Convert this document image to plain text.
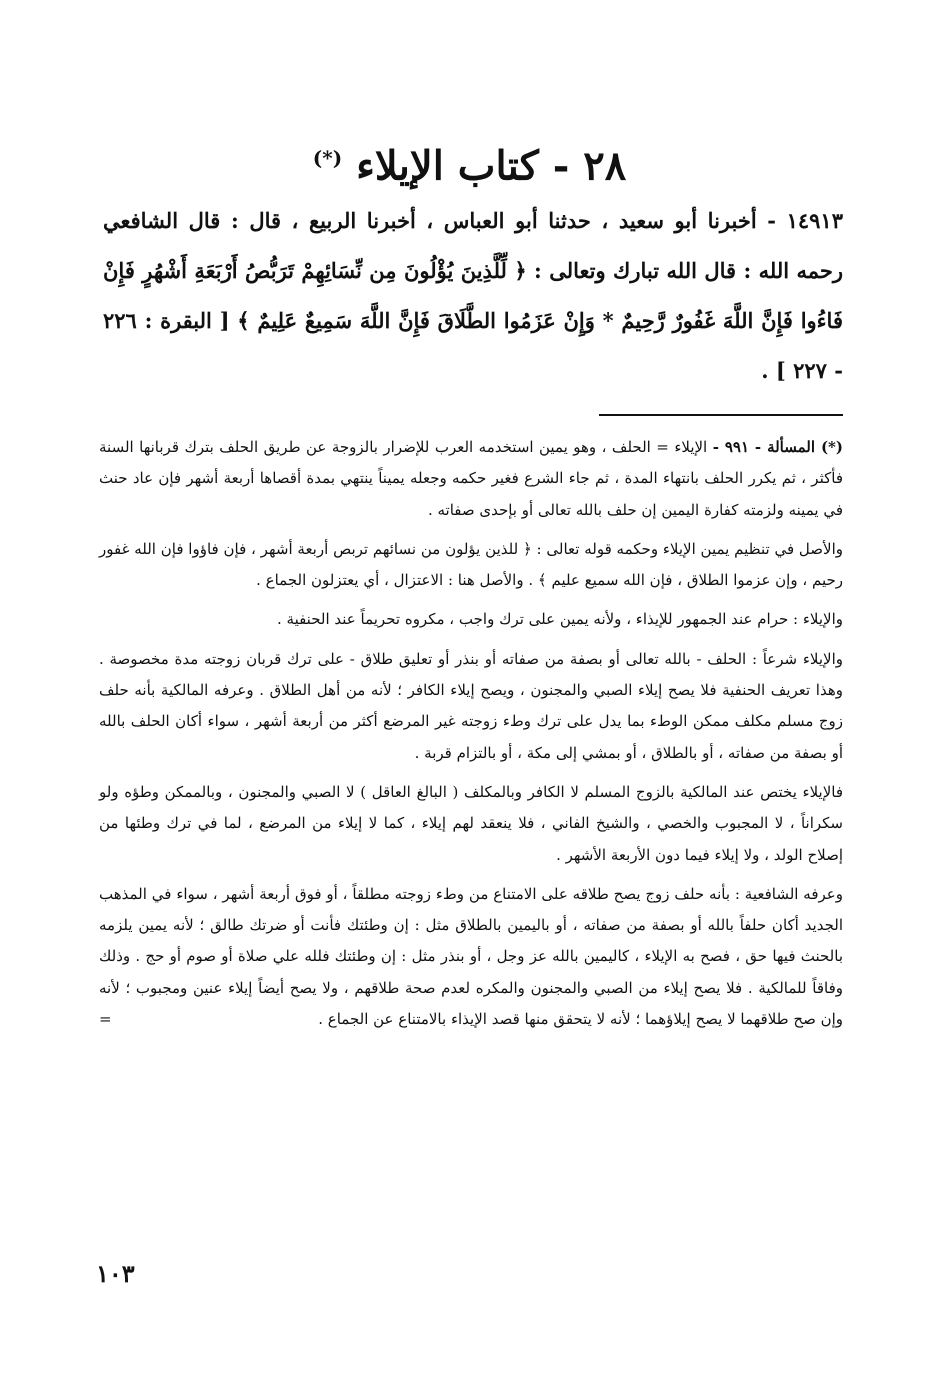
٢٨ - كتاب الإيلاء (*)
١٤٩١٣ - أخبرنا أبو سعيد ، حدثنا أبو العباس ، أخبرنا الربيع ، قال : قال الشافعي رحمه الله : قال الله تبارك وتعالى : ﴿ لِّلَّذِينَ يُؤْلُونَ مِن نِّسَائِهِمْ تَرَبُّصُ أَرْبَعَةِ أَشْهُرٍ فَإِنْ فَاءُوا فَإِنَّ اللَّهَ غَفُورٌ رَّحِيمٌ * وَإِنْ عَزَمُوا الطَّلَاقَ فَإِنَّ اللَّهَ سَمِيعٌ عَلِيمٌ ﴾ [ البقرة : ٢٢٦ - ٢٢٧ ] .

(*) المسألة - ٩٩١ - الإيلاء = الحلف ، وهو يمين استخدمه العرب للإضرار بالزوجة عن طريق الحلف بترك قربانها السنة فأكثر ، ثم يكرر الحلف بانتهاء المدة ، ثم جاء الشرع فغير حكمه وجعله يميناً ينتهي بمدة أقصاها أربعة أشهر فإن عاد حنث في يمينه ولزمته كفارة اليمين إن حلف بالله تعالى أو بإحدى صفاته .

والأصل في تنظيم يمين الإيلاء وحكمه قوله تعالى : ﴿ للذين يؤلون من نسائهم تربص أربعة أشهر ، فإن فاؤوا فإن الله غفور رحيم ، وإن عزموا الطلاق ، فإن الله سميع عليم ﴾ . والأصل هنا : الاعتزال ، أي يعتزلون الجماع .

والإيلاء : حرام عند الجمهور للإيذاء ، ولأنه يمين على ترك واجب ، مكروه تحريماً عند الحنفية .

والإيلاء شرعاً : الحلف - بالله تعالى أو بصفة من صفاته أو بنذر أو تعليق طلاق - على ترك قربان زوجته مدة مخصوصة . وهذا تعريف الحنفية فلا يصح إيلاء الصبي والمجنون ، ويصح إيلاء الكافر ؛ لأنه من أهل الطلاق . وعرفه المالكية بأنه حلف زوج مسلم مكلف ممكن الوطء بما يدل على ترك وطء زوجته غير المرضع أكثر من أربعة أشهر ، سواء أكان الحلف بالله أو بصفة من صفاته ، أو بالطلاق ، أو بمشي إلى مكة ، أو بالتزام قربة .

فالإيلاء يختص عند المالكية بالزوج المسلم لا الكافر وبالمكلف ( البالغ العاقل ) لا الصبي والمجنون ، وبالممكن وطؤه ولو سكراناً ، لا المجبوب والخصي ، والشيخ الفاني ، فلا ينعقد لهم إيلاء ، كما لا إيلاء من المرضع ، لما في ترك وطئها من إصلاح الولد ، ولا إيلاء فيما دون الأربعة الأشهر .

وعرفه الشافعية : بأنه حلف زوج يصح طلاقه على الامتناع من وطء زوجته مطلقاً ، أو فوق أربعة أشهر ، سواء في المذهب الجديد أكان حلفاً بالله أو بصفة من صفاته ، أو باليمين بالطلاق مثل : إن وطئتك فأنت أو ضرتك طالق ؛ لأنه يمين يلزمه بالحنث فيها حق ، فصح به الإيلاء ، كاليمين بالله عز وجل ، أو بنذر مثل : إن وطئتك فلله علي صلاة أو صوم أو حج . وذلك وفاقاً للمالكية . فلا يصح إيلاء من الصبي والمجنون والمكره لعدم صحة طلاقهم ، ولا يصح أيضاً إيلاء عنين ومجبوب ؛ لأنه وإن صح طلاقهما لا يصح إيلاؤهما ؛ لأنه لا يتحقق منها قصد الإيذاء بالامتناع عن الجماع .
=

١٠٣
